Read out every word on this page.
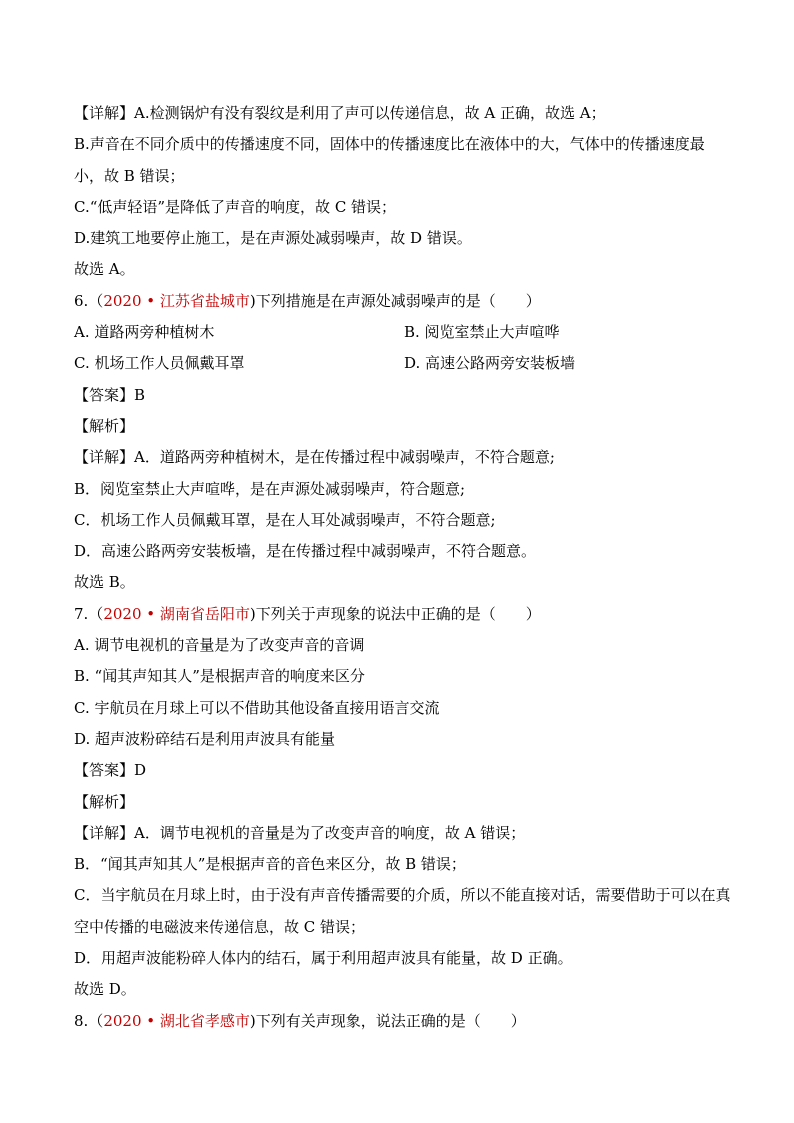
【详解】A.检测锅炉有没有裂纹是利用了声可以传递信息，故 A 正确，故选 A；
B.声音在不同介质中的传播速度不同，固体中的传播速度比在液体中的大，气体中的传播速度最小，故 B 错误；
C.“低声轻语”是降低了声音的响度，故 C 错误；
D.建筑工地要停止施工，是在声源处减弱噪声，故 D 错误。
故选 A。
6.（2020 • 江苏省盐城市)下列措施是在声源处减弱噪声的是（　　）
A. 道路两旁种植树木	B. 阅览室禁止大声喧哗
C. 机场工作人员佩戴耳罩	D. 高速公路两旁安装板墙
【答案】B
【解析】
【详解】A．道路两旁种植树木，是在传播过程中减弱噪声，不符合题意;
B．阅览室禁止大声喧哗，是在声源处减弱噪声，符合题意;
C．机场工作人员佩戴耳罩，是在人耳处减弱噪声，不符合题意;
D．高速公路两旁安装板墙，是在传播过程中减弱噪声，不符合题意。
故选 B。
7.（2020 • 湖南省岳阳市)下列关于声现象的说法中正确的是（　　）
A. 调节电视机的音量是为了改变声音的音调
B. “闻其声知其人”是根据声音的响度来区分
C. 宇航员在月球上可以不借助其他设备直接用语言交流
D. 超声波粉碎结石是利用声波具有能量
【答案】D
【解析】
【详解】A．调节电视机的音量是为了改变声音的响度，故 A 错误；
B．“闻其声知其人”是根据声音的音色来区分，故 B 错误；
C．当宇航员在月球上时，由于没有声音传播需要的介质，所以不能直接对话，需要借助于可以在真空中传播的电磁波来传递信息，故 C 错误；
D．用超声波能粉碎人体内的结石，属于利用超声波具有能量，故 D 正确。
故选 D。
8.（2020 • 湖北省孝感市)下列有关声现象，说法正确的是（　　）
